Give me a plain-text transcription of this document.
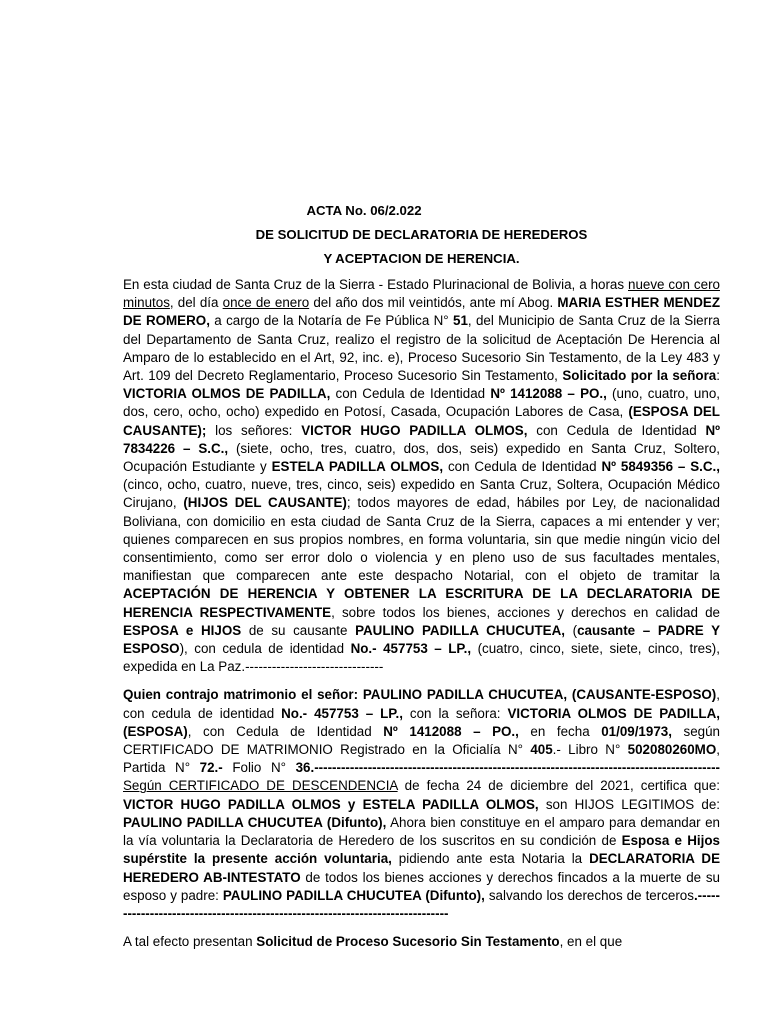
ACTA No. 06/2.022

DE SOLICITUD DE DECLARATORIA DE HEREDEROS

Y ACEPTACION DE HERENCIA.

En esta ciudad de Santa Cruz de la Sierra - Estado Plurinacional de Bolivia, a horas nueve con cero minutos, del día once de enero del año dos mil veintidós, ante mí Abog. MARIA ESTHER MENDEZ DE ROMERO, a cargo de la Notaría de Fe Pública N° 51, del Municipio de Santa Cruz de la Sierra del Departamento de Santa Cruz, realizo el registro de la solicitud de Aceptación De Herencia al Amparo de lo establecido en el Art, 92, inc. e), Proceso Sucesorio Sin Testamento, de la Ley 483 y Art. 109 del Decreto Reglamentario, Proceso Sucesorio Sin Testamento, Solicitado por la señora: VICTORIA OLMOS DE PADILLA, con Cedula de Identidad Nº 1412088 – PO., (uno, cuatro, uno, dos, cero, ocho, ocho) expedido en Potosí, Casada, Ocupación Labores de Casa, (ESPOSA DEL CAUSANTE); los señores: VICTOR HUGO PADILLA OLMOS, con Cedula de Identidad Nº 7834226 – S.C., (siete, ocho, tres, cuatro, dos, dos, seis) expedido en Santa Cruz, Soltero, Ocupación Estudiante y ESTELA PADILLA OLMOS, con Cedula de Identidad Nº 5849356 – S.C., (cinco, ocho, cuatro, nueve, tres, cinco, seis) expedido en Santa Cruz, Soltera, Ocupación Médico Cirujano, (HIJOS DEL CAUSANTE); todos mayores de edad, hábiles por Ley, de nacionalidad Boliviana, con domicilio en esta ciudad de Santa Cruz de la Sierra, capaces a mi entender y ver; quienes comparecen en sus propios nombres, en forma voluntaria, sin que medie ningún vicio del consentimiento, como ser error dolo o violencia y en pleno uso de sus facultades mentales, manifiestan que comparecen ante este despacho Notarial, con el objeto de tramitar la ACEPTACIÓN DE HERENCIA Y OBTENER LA ESCRITURA DE LA DECLARATORIA DE HERENCIA RESPECTIVAMENTE, sobre todos los bienes, acciones y derechos en calidad de ESPOSA e HIJOS de su causante PAULINO PADILLA CHUCUTEA, (causante – PADRE Y ESPOSO), con cedula de identidad No.- 457753 – LP., (cuatro, cinco, siete, siete, cinco, tres), expedida en La Paz.-------------------------------

Quien contrajo matrimonio el señor: PAULINO PADILLA CHUCUTEA, (CAUSANTE-ESPOSO), con cedula de identidad No.- 457753 – LP., con la señora: VICTORIA OLMOS DE PADILLA, (ESPOSA), con Cedula de Identidad Nº 1412088 – PO., en fecha 01/09/1973, según CERTIFICADO DE MATRIMONIO Registrado en la Oficialía N° 405.- Libro N° 502080260MO, Partida N° 72.- Folio N° 36.-------------------------------------------------------------------------------------------Según CERTIFICADO DE DESCENDENCIA de fecha 24 de diciembre del 2021, certifica que: VICTOR HUGO PADILLA OLMOS y ESTELA PADILLA OLMOS, son HIJOS LEGITIMOS de: PAULINO PADILLA CHUCUTEA (Difunto), Ahora bien constituye en el amparo para demandar en la vía voluntaria la Declaratoria de Heredero de los suscritos en su condición de Esposa e Hijos supérstite la presente acción voluntaria, pidiendo ante esta Notaria la DECLARATORIA DE HEREDERO AB-INTESTATO de todos los bienes acciones y derechos fincados a la muerte de su esposo y padre: PAULINO PADILLA CHUCUTEA (Difunto), salvando los derechos de terceros.------------------------------------------------------------------------------

A tal efecto presentan Solicitud de Proceso Sucesorio Sin Testamento, en el que
